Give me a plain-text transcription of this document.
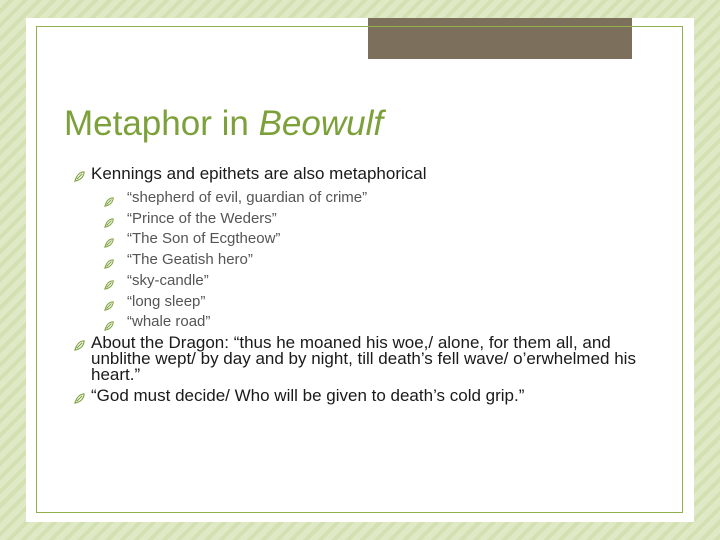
Metaphor in Beowulf
Kennings and epithets are also metaphorical
“shepherd of evil, guardian of crime”
“Prince of the Weders”
“The Son of Ecgtheow”
“The Geatish hero”
“sky-candle”
“long sleep”
“whale road”
About the Dragon: “thus he moaned his woe,/ alone, for them all, and unblithe wept/ by day and by night, till death’s fell wave/ o’erwhelmed his heart.”
“God must decide/ Who will be given to death’s cold grip.”
